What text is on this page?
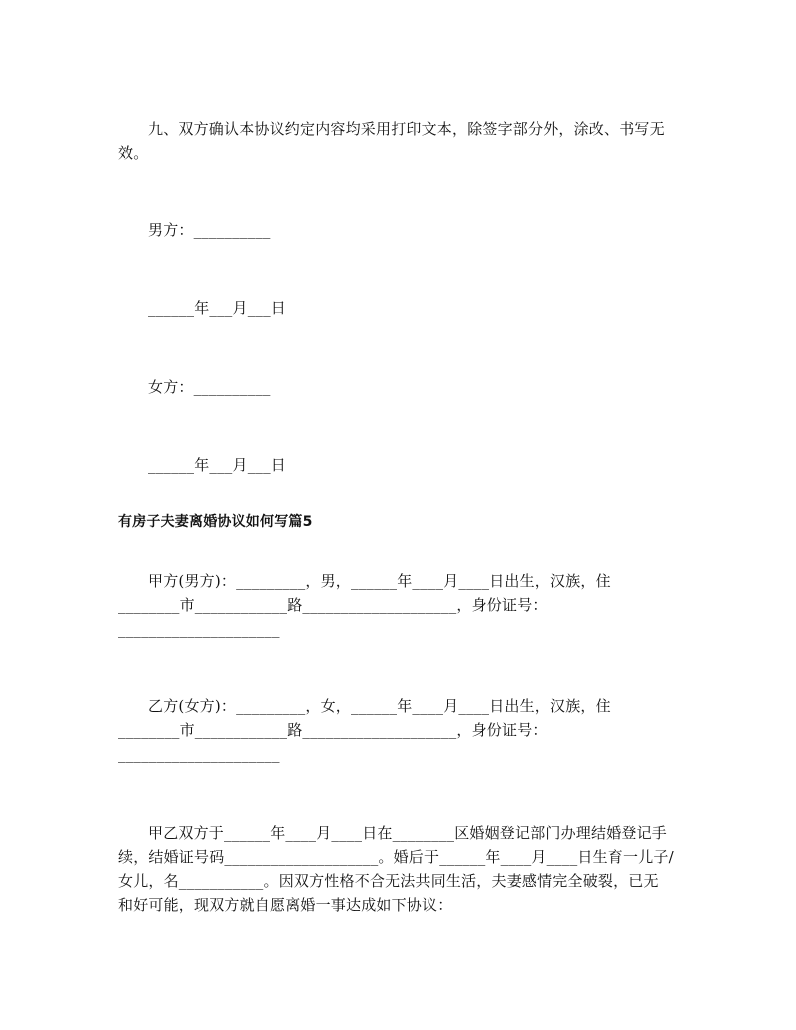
九、双方确认本协议约定内容均采用打印文本，除签字部分外，涂改、书写无
效。
男方：__________
______年___月___日
女方：__________
______年___月___日
有房子夫妻离婚协议如何写篇5
甲方(男方)：_________，男，______年____月____日出生，汉族，住
________市____________路____________________，身份证号：
_____________________
乙方(女方)：_________，女，______年____月____日出生，汉族，住
________市____________路____________________，身份证号：
_____________________
甲乙双方于______年____月____日在________区婚姻登记部门办理结婚登记手
续，结婚证号码____________________。婚后于______年____月____日生育一儿子/
女儿，名___________。因双方性格不合无法共同生活，夫妻感情完全破裂，已无
和好可能，现双方就自愿离婚一事达成如下协议：
